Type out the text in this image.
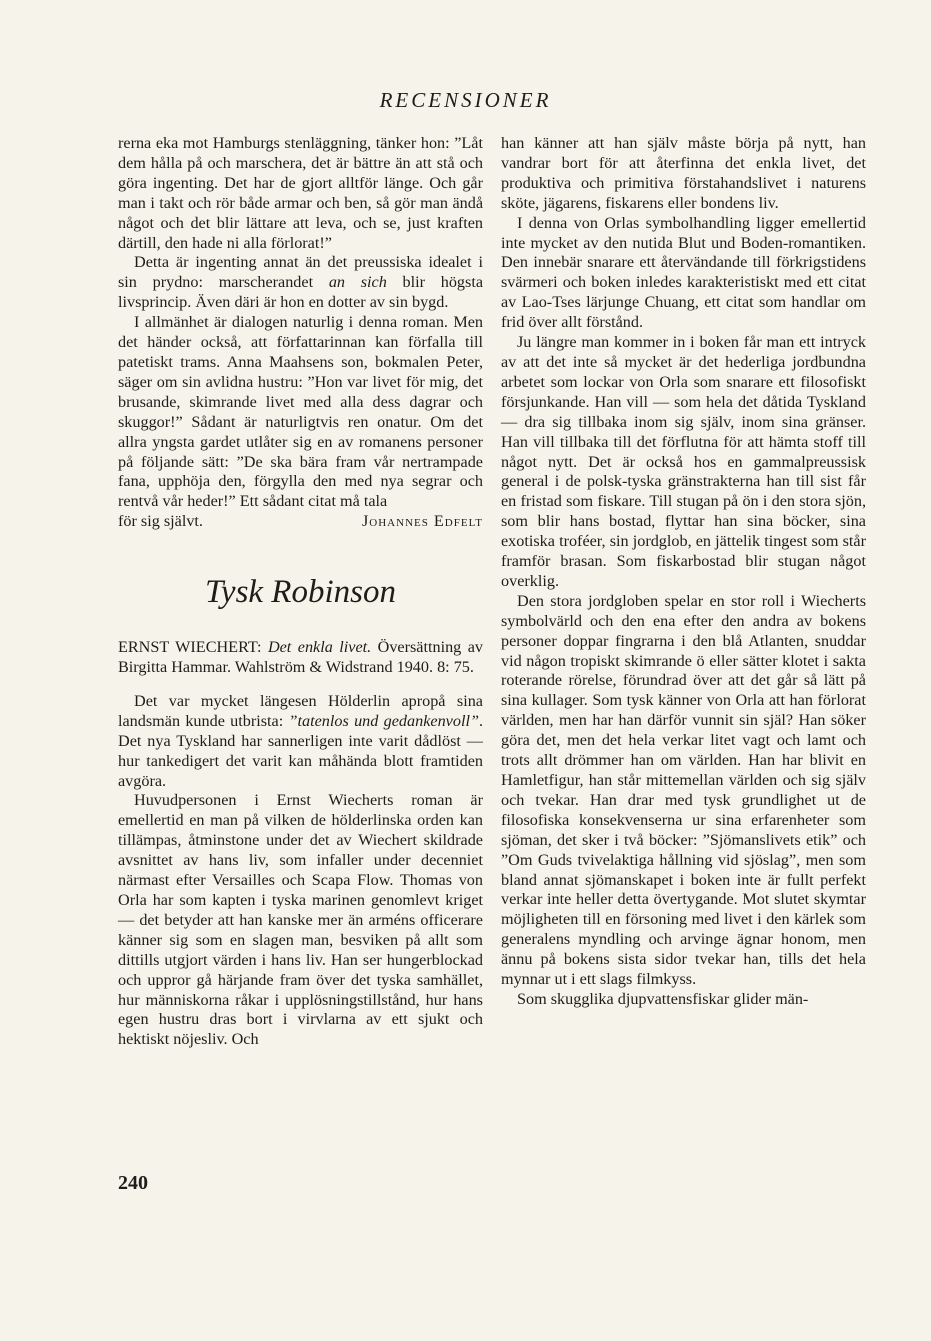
RECENSIONER

rerna eka mot Hamburgs stenläggning, tänker hon: ”Låt dem hålla på och marschera, det är bättre än att stå och göra ingenting. Det har de gjort alltför länge. Och går man i takt och rör både armar och ben, så gör man ändå något och det blir lättare att leva, och se, just kraften därtill, den hade ni alla förlorat!”

Detta är ingenting annat än det preussiska idealet i sin prydno: marscherandet an sich blir högsta livsprincip. Även däri är hon en dotter av sin bygd.

I allmänhet är dialogen naturlig i denna roman. Men det händer också, att författarinnan kan förfalla till patetiskt trams. Anna Maahsens son, bokmalen Peter, säger om sin avlidna hustru: ”Hon var livet för mig, det brusande, skimrande livet med alla dess dagrar och skuggor!” Sådant är naturligtvis ren onatur. Om det allra yngsta gardet utlåter sig en av romanens personer på följande sätt: ”De ska bära fram vår nertrampade fana, upphöja den, förgylla den med nya segrar och rentvå vår heder!” Ett sådant citat må tala

för sig självt.	Johannes Edfelt
Tysk Robinson

ERNST WIECHERT: Det enkla livet. Översättning av Birgitta Hammar. Wahlström & Widstrand 1940. 8: 75.

Det var mycket längesen Hölderlin apropå sina landsmän kunde utbrista: ”tatenlos und gedankenvoll”. Det nya Tyskland har sannerligen inte varit dådlöst — hur tankedigert det varit kan måhända blott framtiden avgöra.

Huvudpersonen i Ernst Wiecherts roman är emellertid en man på vilken de hölderlinska orden kan tillämpas, åtminstone under det av Wiechert skildrade avsnittet av hans liv, som infaller under decenniet närmast efter Versailles och Scapa Flow. Thomas von Orla har som kapten i tyska marinen genomlevt kriget — det betyder att han kanske mer än arméns officerare känner sig som en slagen man, besviken på allt som dittills utgjort värden i hans liv. Han ser hungerblockad och uppror gå härjande fram över det tyska samhället, hur människorna råkar i upplösningstillstånd, hur hans egen hustru dras bort i virvlarna av ett sjukt och hektiskt nöjesliv. Och

han känner att han själv måste börja på nytt, han vandrar bort för att återfinna det enkla livet, det produktiva och primitiva förstahandslivet i naturens sköte, jägarens, fiskarens eller bondens liv.

I denna von Orlas symbolhandling ligger emellertid inte mycket av den nutida Blut und Boden-romantiken. Den innebär snarare ett återvändande till förkrigstidens svärmeri och boken inledes karakteristiskt med ett citat av Lao-Tses lärjunge Chuang, ett citat som handlar om frid över allt förstånd.

Ju längre man kommer in i boken får man ett intryck av att det inte så mycket är det hederliga jordbundna arbetet som lockar von Orla som snarare ett filosofiskt försjunkande. Han vill — som hela det dåtida Tyskland — dra sig tillbaka inom sig själv, inom sina gränser. Han vill tillbaka till det förflutna för att hämta stoff till något nytt. Det är också hos en gammalpreussisk general i de polsk-tyska gränstrakterna han till sist får en fristad som fiskare. Till stugan på ön i den stora sjön, som blir hans bostad, flyttar han sina böcker, sina exotiska troféer, sin jordglob, en jättelik tingest som står framför brasan. Som fiskarbostad blir stugan något overklig.

Den stora jordgloben spelar en stor roll i Wiecherts symbolvärld och den ena efter den andra av bokens personer doppar fingrarna i den blå Atlanten, snuddar vid någon tropiskt skimrande ö eller sätter klotet i sakta roterande rörelse, förundrad över att det går så lätt på sina kullager. Som tysk känner von Orla att han förlorat världen, men har han därför vunnit sin själ? Han söker göra det, men det hela verkar litet vagt och lamt och trots allt drömmer han om världen. Han har blivit en Hamletfigur, han står mittemellan världen och sig själv och tvekar. Han drar med tysk grundlighet ut de filosofiska konsekvenserna ur sina erfarenheter som sjöman, det sker i två böcker: ”Sjömanslivets etik” och ”Om Guds tvivelaktiga hållning vid sjöslag”, men som bland annat sjömanskapet i boken inte är fullt perfekt verkar inte heller detta övertygande. Mot slutet skymtar möjligheten till en försoning med livet i den kärlek som generalens myndling och arvinge ägnar honom, men ännu på bokens sista sidor tvekar han, tills det hela mynnar ut i ett slags filmkyss.

Som skugglika djupvattensfiskar glider män-

240
